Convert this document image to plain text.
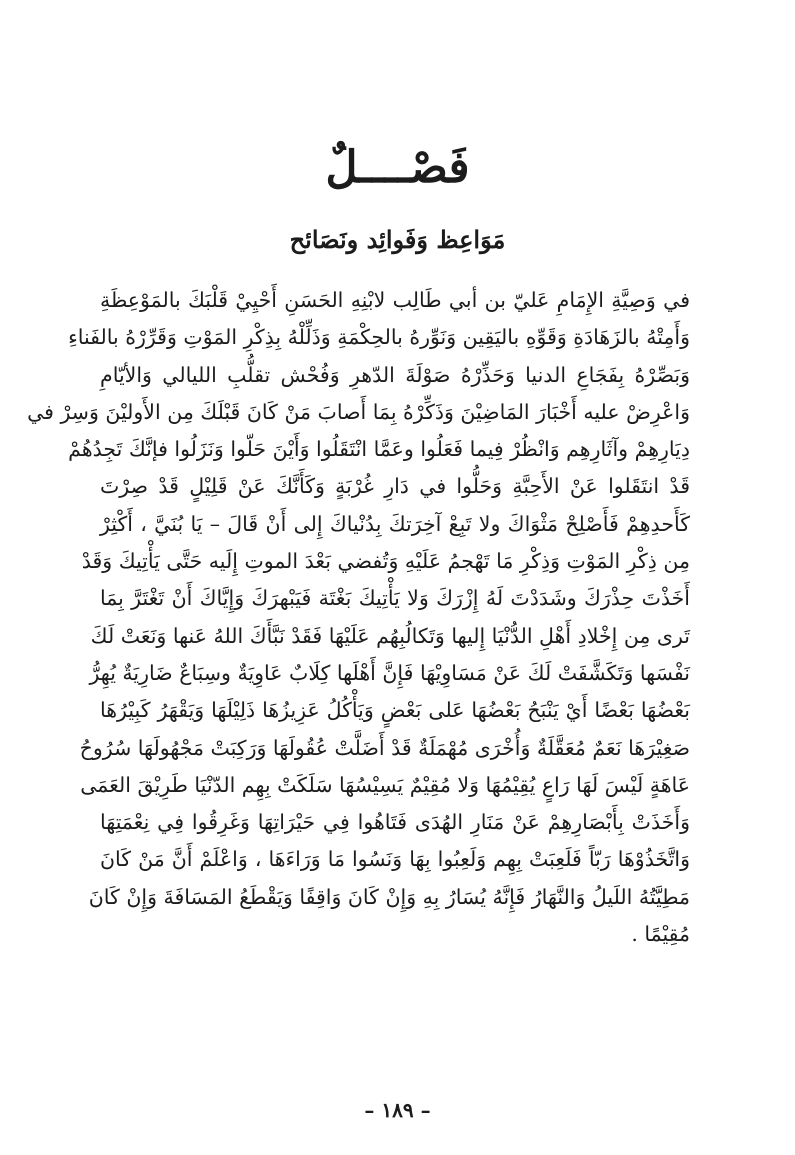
فَصْــــلٌ
مَوَاعِظ وَفَوائِد ونَصَائح
في وَصِيَّةِ الإِمَامِ عَليّ بن أبي طَالِب لابْنِهِ الحَسَنِ أَحْيِيْ قَلْبَكَ بالمَوْعِظَةِ
وَأَمِتْهُ بالزَهَادَةِ وَقَوِّهِ باليَقِين وَنَوِّرهُ بالحِكْمَةِ وَذَلِّلْهُ بِذِكْرِ المَوْتِ وَقَرِّرْهُ بالفَناءِ
وَبَصِّرْهُ بِفَجَاعِ الدنيا وَحَذِّرْهُ صَوْلَةَ الدّهرِ وَفُحْش تقلُّبِ الليالي وَالأيّامِ
وَاعْرِضْ عليه أَخْبَارَ المَاضِيْنَ وَذَكِّرْهُ بِمَا أَصابَ مَنْ كَانَ قَبْلَكَ مِن الأَوليْنَ وَسِرْ في
دِيَارِهِمْ وآثَارِهِم وَانْظُرْ فِيما فَعَلُوا وعَمَّا انْتَقَلُوا وَأَيْنَ حَلّوا وَنَزَلُوا فإنَّكَ تَجِدُهُمْ
قَدْ انتَقَلوا عَنْ الأَحِبَّةِ وَحَلُّوا في دَارِ غُرْبَةٍ وَكَأَنَّكَ عَنْ قَلِيْلٍ قَدْ صِرْتَ
كَأَحدِهِمْ فَأَصْلِحْ مَثْوَاكَ ولا تَبِعْ آخِرَتكَ بِدُنْياكَ إِلى أَنْ قَالَ – يَا بُنَيَّ ، أَكْثِرْ
مِن ذِكْرِ المَوْتِ وَذِكْرِ مَا تَهْجمُ عَلَيْهِ وَتُفضي بَعْدَ الموتِ إِلَيه حَتَّى يَأْتِيكَ وَقَدْ
أَخَذْتَ حِذْرَكَ وشَدَدْتَ لَهُ إِزْرَكَ وَلا يَأْتِيكَ بَغْتَة فَيَبْهرَكَ وَإِيَّاكَ أَنْ تَغْتَرَّ بِمَا
تَرى مِن إِخْلادِ أَهْلِ الدُّنْيَا إِليها وَتَكالُبِهُم عَلَيْهَا فَقَدْ نَبَّأَكَ اللهُ عَنها وَنَعَتْ لَكَ
نَفْسَها وَتَكَشَّفَتْ لَكَ عَنْ مَسَاوِيْهَا فَإِنَّ أَهْلَها كِلَابٌ عَاوِيَةٌ وسِبَاعٌ ضَارِيَةٌ يُهِرُّ
بَعْضُهَا بَعْضًا أَيْ يَنْبَحُ بَعْضُهَا عَلى بَعْضٍ وَيَأْكُلُ عَزِيزُهَا ذَلِيْلَهَا وَيَقْهَرُ كَبِيْرُهَا
صَغِيْرَهَا نَعَمٌ مُعَقَّلَةٌ وَأُخْرَى مُهْمَلَةٌ قَدْ أَضَلَّتْ عُقُولَهَا وَرَكِبَتْ مَجْهُولَهَا سُرُوحُ
عَاهَةٍ لَيْسَ لَهَا رَاعٍ يُقِيْمُهَا وَلا مُقِيْمٌ يَسِيْسُهَا سَلَكَتْ بِهِم الدّنْيَا طَرِيْقَ العَمَى
وَأَخَذَتْ بِأَبْصَارِهِمْ عَنْ مَنَارِ الهُدَى فَتَاهُوا فِي حَيْرَاتِهَا وَغَرِقُوا فِي نِعْمَتِهَا
وَاتَّخَذُوْهَا رَبّاً فَلَعِبَتْ بِهِم وَلَعِبُوا بِهَا وَنَسُوا مَا وَرَاءَهَا ، وَاعْلَمْ أَنَّ مَنْ كَانَ
مَطِيَّتُهُ اللَيلُ وَالنَّهَارُ فَإِنَّهُ يُسَارُ بِهِ وَإِنْ كَانَ وَاقِفًا وَيَقْطَعُ المَسَافَةَ وَإِنْ كَانَ
مُقِيْمًا .
– ١٨٩ –
